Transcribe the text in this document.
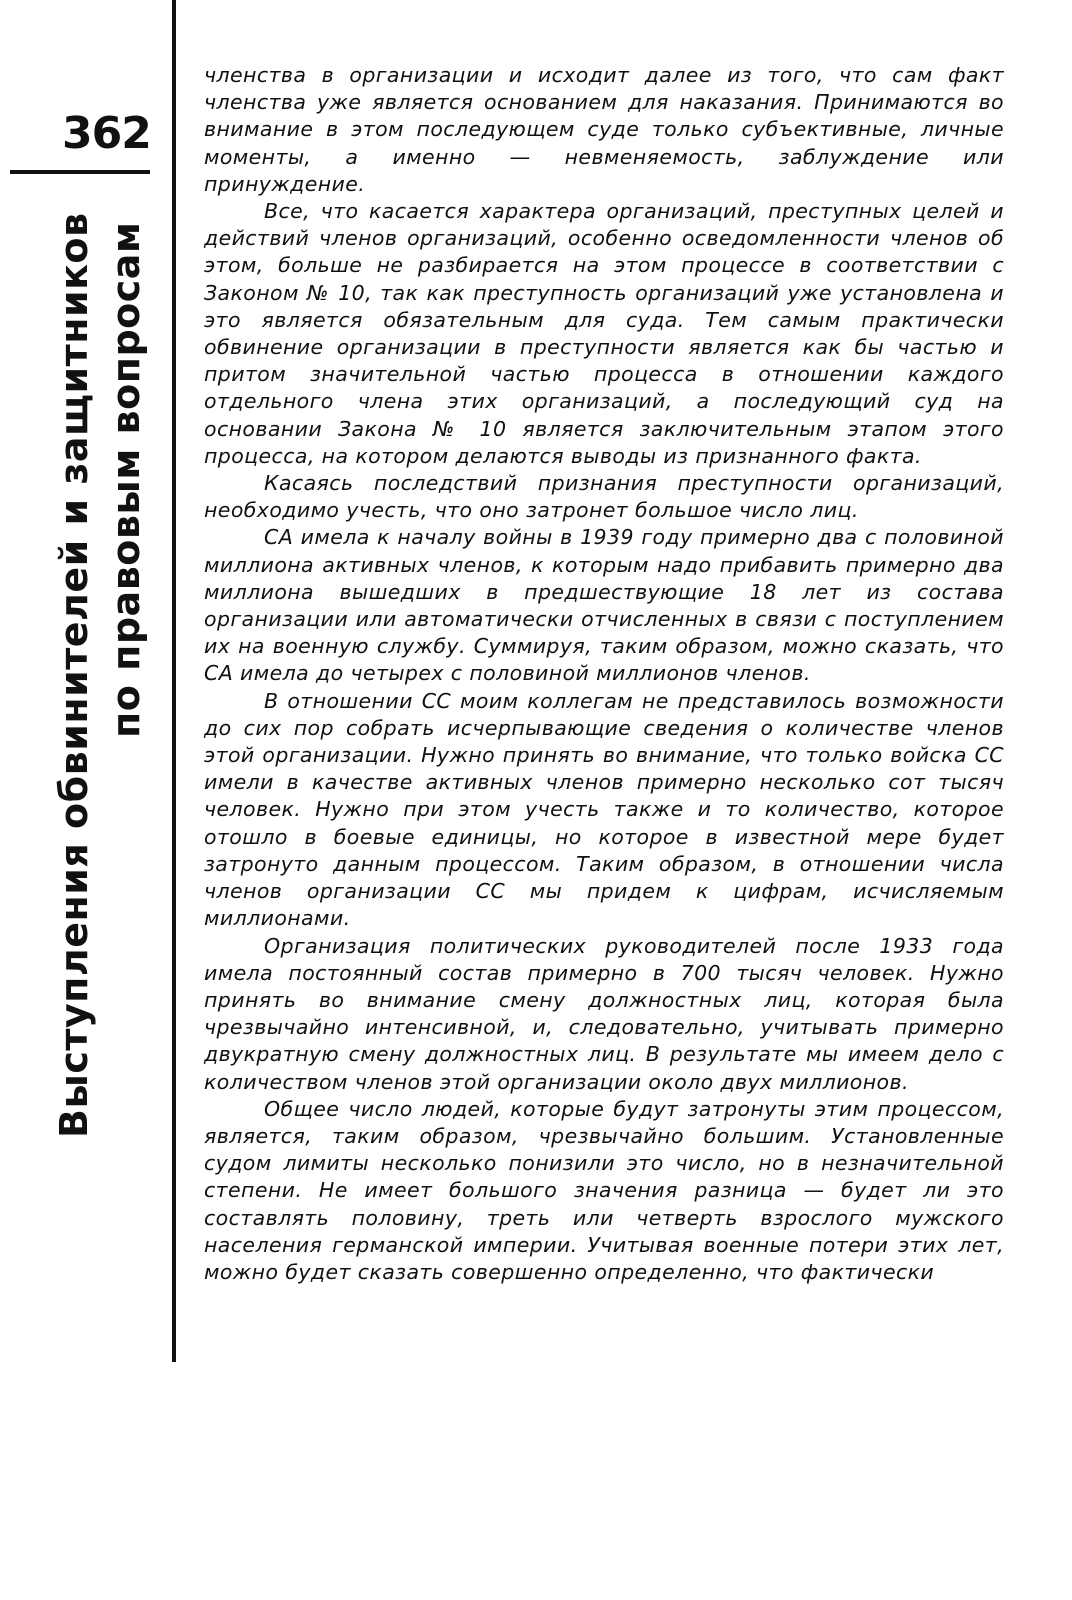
362
Выступления обвинителей и защитников по правовым вопросам

членства в организации и исходит далее из того, что сам факт членства уже является основанием для наказания. Принимаются во внимание в этом последующем суде только субъективные, личные моменты, а именно — невменяемость, заблуждение или принуждение.

Все, что касается характера организаций, преступных целей и действий членов организаций, особенно осведомленности членов об этом, больше не разбирается на этом процессе в соответствии с Законом № 10, так как преступность организаций уже установлена и это является обязательным для суда. Тем самым практически обвинение организации в преступности является как бы частью и притом значительной частью процесса в отношении каждого отдельного члена этих организаций, а последующий суд на основании Закона № 10 является заключительным этапом этого процесса, на котором делаются выводы из признанного факта.

Касаясь последствий признания преступности организаций, необходимо учесть, что оно затронет большое число лиц.

СА имела к началу войны в 1939 году примерно два с половиной миллиона активных членов, к которым надо прибавить примерно два миллиона вышедших в предшествующие 18 лет из состава организации или автоматически отчисленных в связи с поступлением их на военную службу. Суммируя, таким образом, можно сказать, что СА имела до четырех с половиной миллионов членов.

В отношении СС моим коллегам не представилось возможности до сих пор собрать исчерпывающие сведения о количестве членов этой организации. Нужно принять во внимание, что только войска СС имели в качестве активных членов примерно несколько сот тысяч человек. Нужно при этом учесть также и то количество, которое отошло в боевые единицы, но которое в известной мере будет затронуто данным процессом. Таким образом, в отношении числа членов организации СС мы придем к цифрам, исчисляемым миллионами.

Организация политических руководителей после 1933 года имела постоянный состав примерно в 700 тысяч человек. Нужно принять во внимание смену должностных лиц, которая была чрезвычайно интенсивной, и, следовательно, учитывать примерно двукратную смену должностных лиц. В результате мы имеем дело с количеством членов этой организации около двух миллионов.

Общее число людей, которые будут затронуты этим процессом, является, таким образом, чрезвычайно большим. Установленные судом лимиты несколько понизили это число, но в незначительной степени. Не имеет большого значения разница — будет ли это составлять половину, треть или четверть взрослого мужского населения германской империи. Учитывая военные потери этих лет, можно будет сказать совершенно определенно, что фактически
